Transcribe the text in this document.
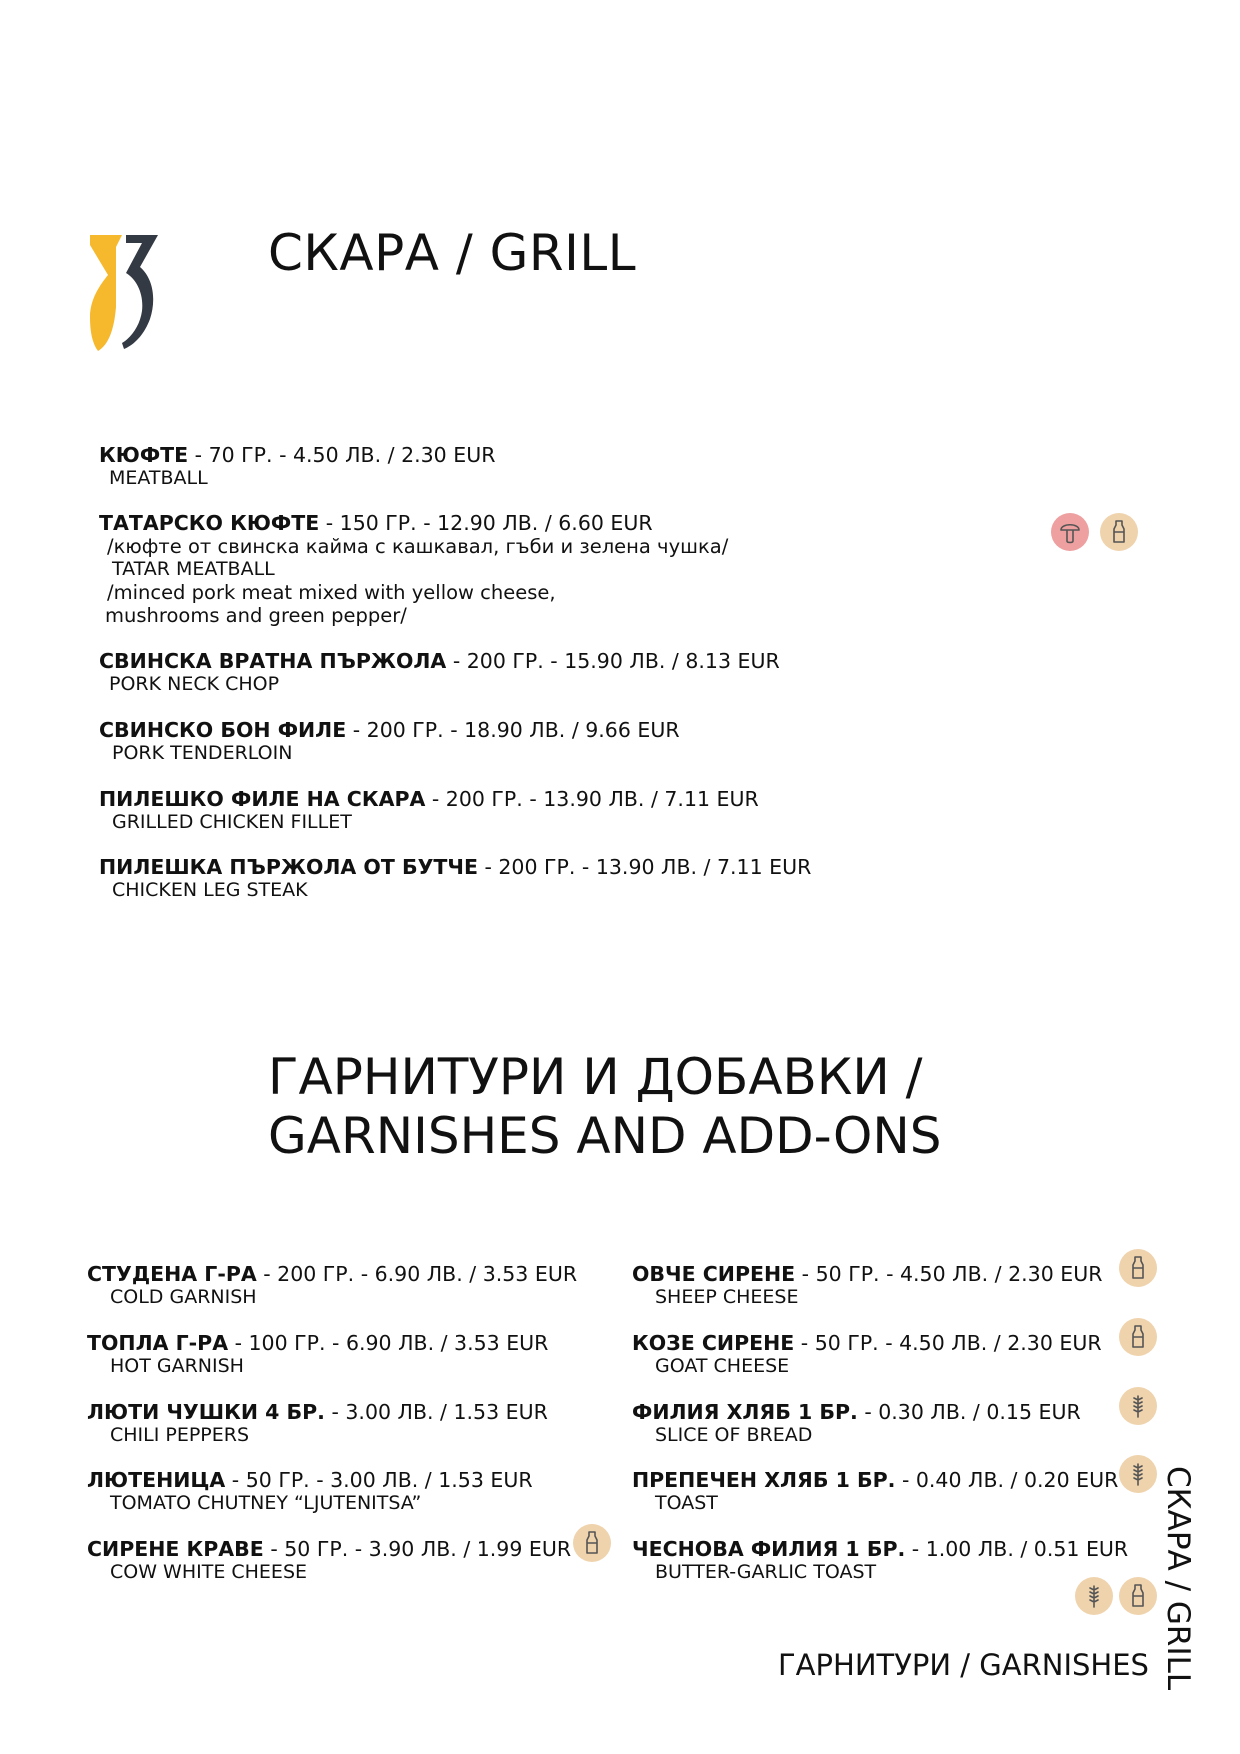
СКАРА / GRILL
КЮФТЕ - 70 ГР. - 4.50 ЛВ. / 2.30 EUR
MEATBALL
ТАТАРСКО КЮФТЕ - 150 ГР. - 12.90 ЛВ. / 6.60 EUR
/кюфте от свинска кайма с кашкавал, гъби и зелена чушка/
TATAR MEATBALL
/minced pork meat mixed with yellow cheese,
mushrooms and green pepper/
СВИНСКА ВРАТНА ПЪРЖОЛА - 200 ГР. - 15.90 ЛВ. / 8.13 EUR
PORK NECK CHOP
СВИНСКО БОН ФИЛЕ - 200 ГР. - 18.90 ЛВ. / 9.66 EUR
PORK TENDERLOIN
ПИЛЕШКО ФИЛЕ НА СКАРА - 200 ГР. - 13.90 ЛВ. / 7.11 EUR
GRILLED CHICKEN FILLET
ПИЛЕШКА ПЪРЖОЛА ОТ БУТЧЕ - 200 ГР. - 13.90 ЛВ. / 7.11 EUR
CHICKEN LEG STEAK
ГАРНИТУРИ И ДОБАВКИ /
GARNISHES AND ADD-ONS
СТУДЕНА Г-РА - 200 ГР. - 6.90 ЛВ. / 3.53 EUR
COLD GARNISH
ТОПЛА Г-РА - 100 ГР. - 6.90 ЛВ. / 3.53 EUR
HOT GARNISH
ЛЮТИ ЧУШКИ 4 БР. - 3.00 ЛВ. / 1.53 EUR
CHILI PEPPERS
ЛЮТЕНИЦА - 50 ГР. - 3.00 ЛВ. / 1.53 EUR
TOMATO CHUTNEY “LJUTENITSA”
СИРЕНЕ КРАВЕ - 50 ГР. - 3.90 ЛВ. / 1.99 EUR
COW WHITE CHEESE
ОВЧЕ СИРЕНЕ - 50 ГР. - 4.50 ЛВ. / 2.30 EUR
SHEEP CHEESE
КОЗЕ СИРЕНЕ - 50 ГР. - 4.50 ЛВ. / 2.30 EUR
GOAT CHEESE
ФИЛИЯ ХЛЯБ 1 БР. - 0.30 ЛВ. / 0.15 EUR
SLICE OF BREAD
ПРЕПЕЧЕН ХЛЯБ 1 БР. - 0.40 ЛВ. / 0.20 EUR
TOAST
ЧЕСНОВА ФИЛИЯ 1 БР. - 1.00 ЛВ. / 0.51 EUR
BUTTER-GARLIC TOAST
ГАРНИТУРИ / GARNISHES СКАРА / GRILL
